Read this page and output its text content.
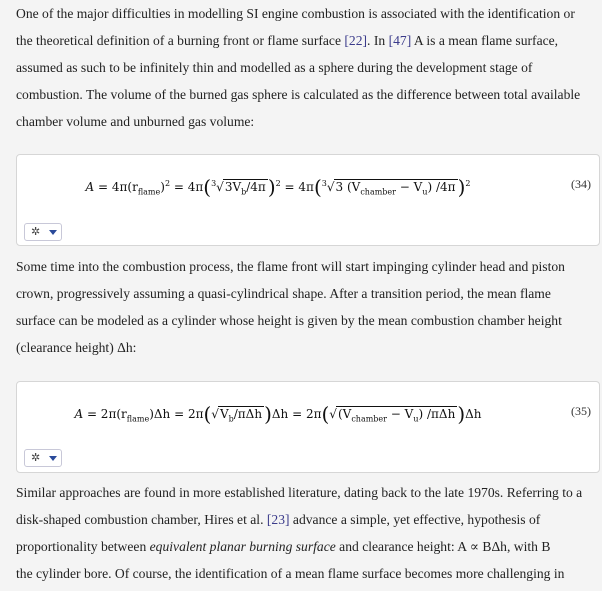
One of the major difficulties in modelling SI engine combustion is associated with the identification or
the theoretical definition of a burning front or flame surface [22]. In [47] A is a mean flame surface,
assumed as such to be infinitely thin and modelled as a sphere during the development stage of
combustion. The volume of the burned gas sphere is calculated as the difference between total available
chamber volume and unburned gas volume:
$A = 4\pi(r_{flame})^2 = 4\pi(^3√3V_b/4\pi$ )$^2$ = 4π($^3$√3 $(V_{chamber} - V_u)$ /4π )$^2$	(34)
✲
Some time into the combustion process, the flame front will start impinging cylinder head and piston
crown, progressively assuming a quasi-cylindrical shape. After a transition period, the mean flame
surface can be modeled as a cylinder whose height is given by the mean combustion chamber height
(clearance height) Δh:
$A = 2\pi(r_{flame})\Delta h = 2\pi(√V_b/\pi\Delta h$ )$\Delta h = 2\pi(√(V_{chamber} - V_u)$ /πΔh )Δh	(35)
✲
Similar approaches are found in more established literature, dating back to the late 1970s. Referring to a
disk-shaped combustion chamber, Hires et al. [23] advance a simple, yet effective, hypothesis of
proportionality between equivalent planar burning surface and clearance height: A ∝ BΔh, with B
the cylinder bore. Of course, the identification of a mean flame surface becomes more challenging in
